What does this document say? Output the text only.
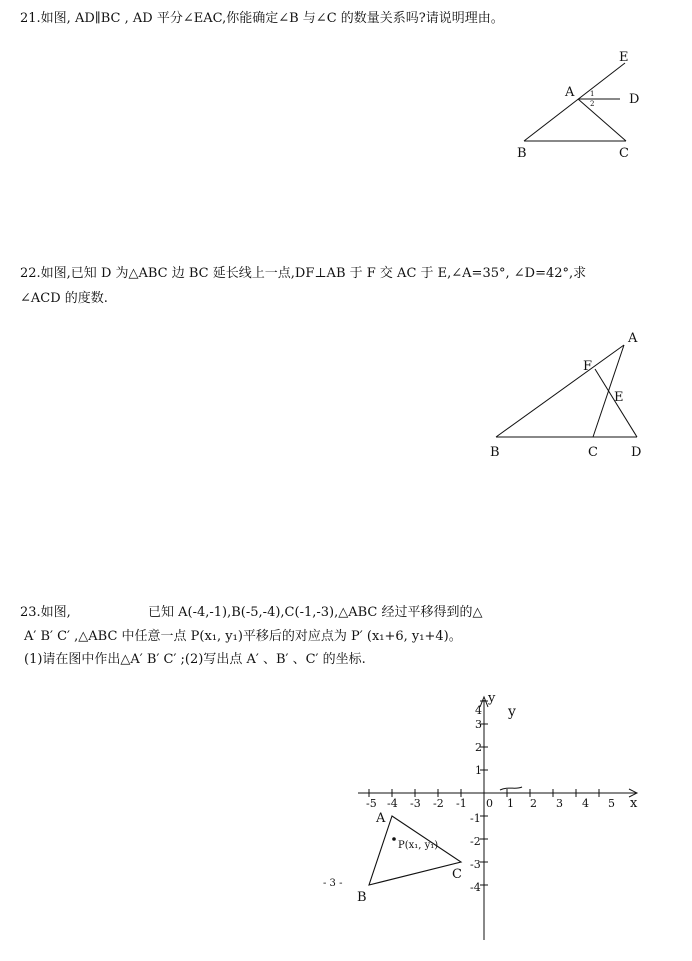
21.如图, AD∥BC , AD 平分∠EAC,你能确定∠B 与∠C 的数量关系吗?请说明理由。
E
A	D
B	C
1
2
22.如图,已知 D 为△ABC 边 BC 延长线上一点,DF⊥AB 于 F 交 AC 于 E,∠A=35°, ∠D=42°,求
∠ACD 的度数.
A
F
E
B	C	D
23.如图,	已知 A(-4,-1),B(-5,-4),C(-1,-3),△ABC 经过平移得到的△
A′ B′ C′ ,△ABC 中任意一点 P(x₁, y₁)平移后的对应点为 P′ (x₁+6, y₁+4)。
(1)请在图中作出△A′ B′ C′ ;(2)写出点 A′ 、B′ 、C′ 的坐标.
-5 -4 -3 -2 -1 0 1 2 3 4 5 x
4
3
2
1
-1
-2
-3
-4
y
y
A
B
C
P(x₁, y₁)
- 3 -
